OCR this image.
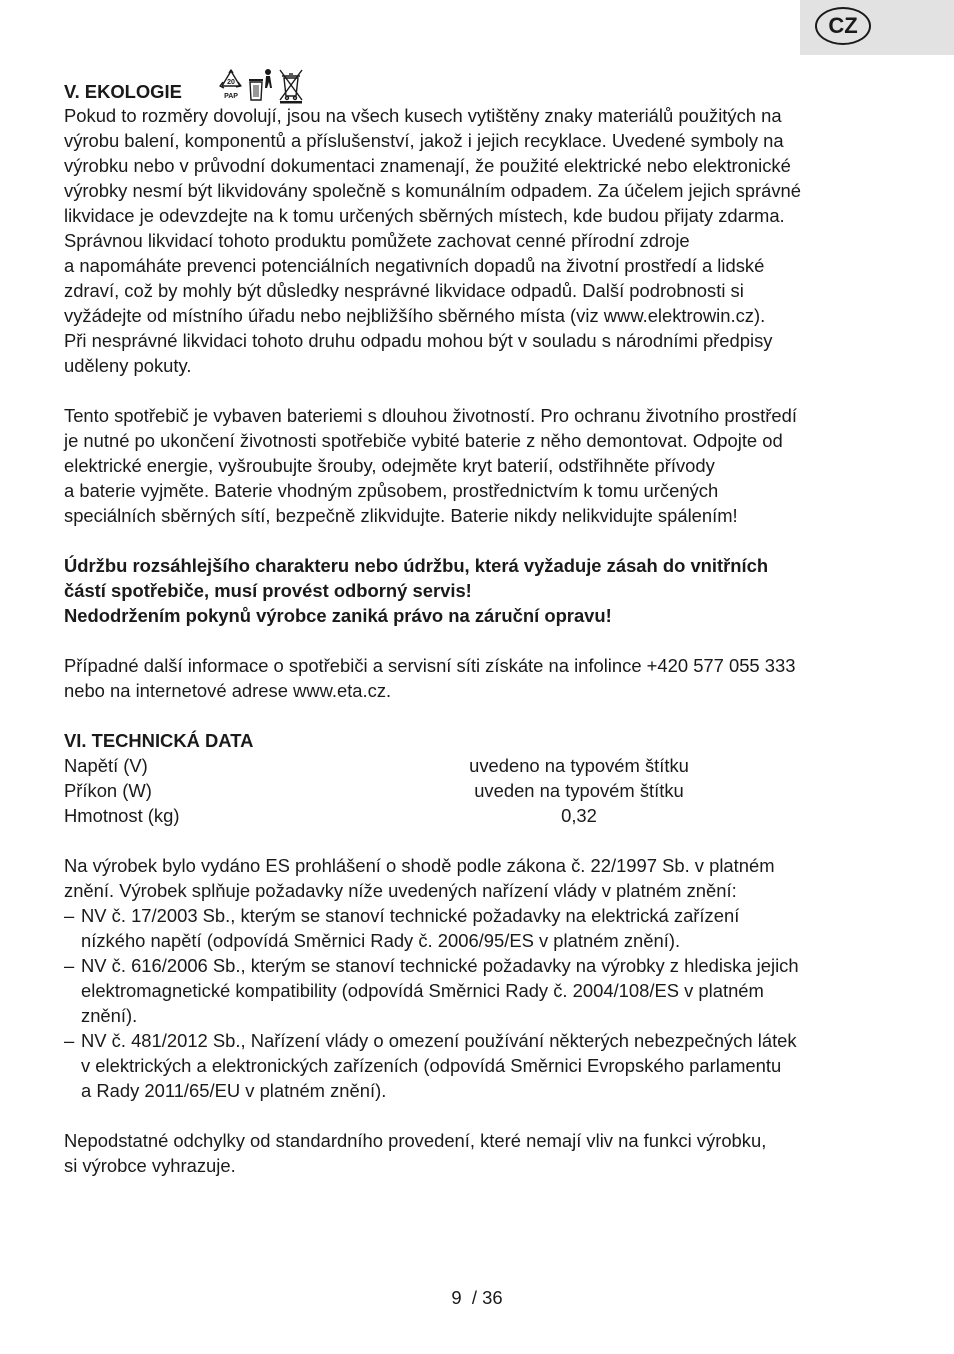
CZ
V. EKOLOGIE	20
PAP

Pokud to rozměry dovolují, jsou na všech kusech vytištěny znaky materiálů použitých na
výrobu balení, komponentů a příslušenství, jakož i jejich recyklace. Uvedené symboly na
výrobku nebo v průvodní dokumentaci znamenají, že použité elektrické nebo elektronické
výrobky nesmí být likvidovány společně s komunálním odpadem. Za účelem jejich správné
likvidace je odevzdejte na k tomu určených sběrných místech, kde budou přijaty zdarma.
Správnou likvidací tohoto produktu pomůžete zachovat cenné přírodní zdroje
a napomáháte prevenci potenciálních negativních dopadů na životní prostředí a lidské
zdraví, což by mohly být důsledky nesprávné likvidace odpadů. Další podrobnosti si
vyžádejte od místního úřadu nebo nejbližšího sběrného místa (viz www.elektrowin.cz).
Při nesprávné likvidaci tohoto druhu odpadu mohou být v souladu s národními předpisy
uděleny pokuty.

Tento spotřebič je vybaven bateriemi s dlouhou životností. Pro ochranu životního prostředí
je nutné po ukončení životnosti spotřebiče vybité baterie z něho demontovat. Odpojte od
elektrické energie, vyšroubujte šrouby, odejměte kryt baterií, odstřihněte přívody
a baterie vyjměte. Baterie vhodným způsobem, prostřednictvím k tomu určených
speciálních sběrných sítí, bezpečně zlikvidujte. Baterie nikdy nelikvidujte spálením!

Údržbu rozsáhlejšího charakteru nebo údržbu, která vyžaduje zásah do vnitřních
částí spotřebiče, musí provést odborný servis!
Nedodržením pokynů výrobce zaniká právo na záruční opravu!

Případné další informace o spotřebiči a servisní síti získáte na infolince +420 577 055 333
nebo na internetové adrese www.eta.cz.

VI. TECHNICKÁ DATA

Napětí (V)	uvedeno na typovém štítku
Příkon (W)	uveden na typovém štítku
Hmotnost (kg)	0,32

Na výrobek bylo vydáno ES prohlášení o shodě podle zákona č. 22/1997 Sb. v platném
znění. Výrobek splňuje požadavky níže uvedených nařízení vlády v platném znění:

– NV č. 17/2003 Sb., kterým se stanoví technické požadavky na elektrická zařízení
nízkého napětí (odpovídá Směrnici Rady č. 2006/95/ES v platném znění).
– NV č. 616/2006 Sb., kterým se stanoví technické požadavky na výrobky z hlediska jejich
elektromagnetické kompatibility (odpovídá Směrnici Rady č. 2004/108/ES v platném
znění).
– NV č. 481/2012 Sb., Nařízení vlády o omezení používání některých nebezpečných látek
v elektrických a elektronických zařízeních (odpovídá Směrnici Evropského parlamentu
a Rady 2011/65/EU v platném znění).

Nepodstatné odchylky od standardního provedení, které nemají vliv na funkci výrobku,
si výrobce vyhrazuje.

9 / 36
